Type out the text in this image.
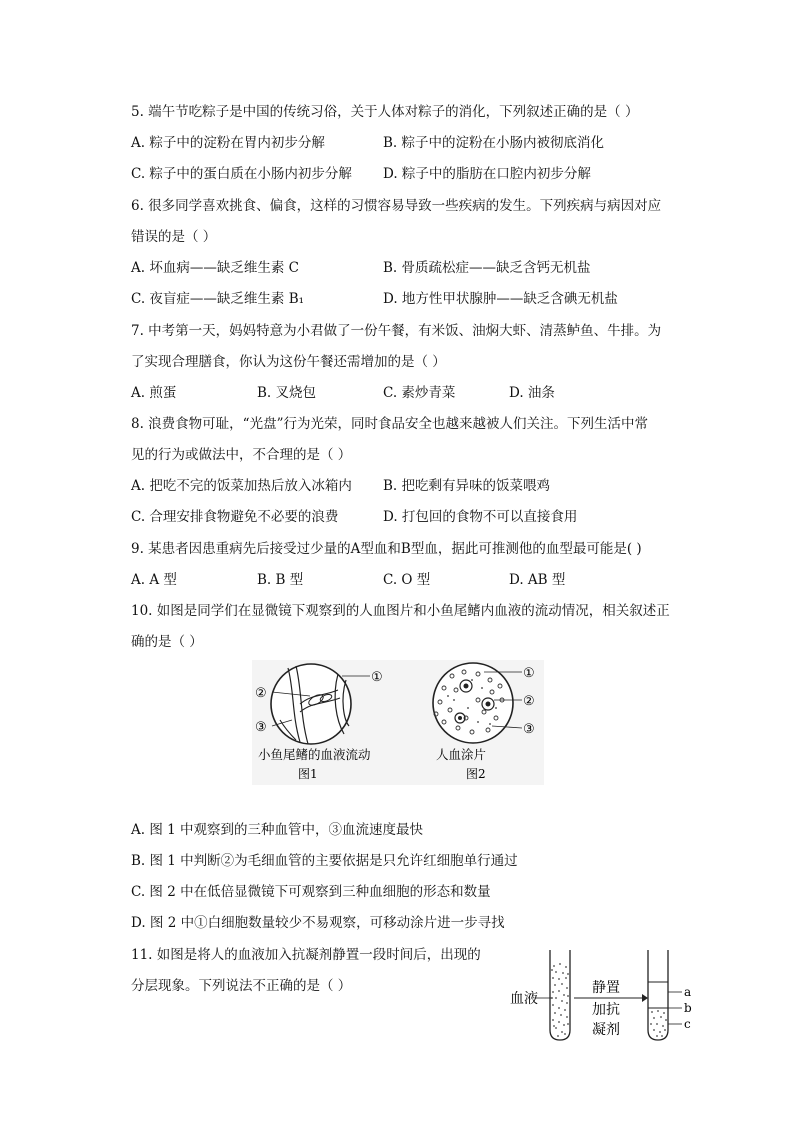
5. 端午节吃粽子是中国的传统习俗，关于人体对粽子的消化，下列叙述正确的是（ ）
A. 粽子中的淀粉在胃内初步分解	B. 粽子中的淀粉在小肠内被彻底消化
C. 粽子中的蛋白质在小肠内初步分解 D. 粽子中的脂肪在口腔内初步分解
6. 很多同学喜欢挑食、偏食，这样的习惯容易导致一些疾病的发生。下列疾病与病因对应
错误的是（ ）
A. 坏血病——缺乏维生素 C	B. 骨质疏松症——缺乏含钙无机盐
C. 夜盲症——缺乏维生素 B₁	D. 地方性甲状腺肿——缺乏含碘无机盐
7. 中考第一天，妈妈特意为小君做了一份午餐，有米饭、油焖大虾、清蒸鲈鱼、牛排。为
了实现合理膳食，你认为这份午餐还需增加的是（ ）
A. 煎蛋	B. 叉烧包	C. 素炒青菜	D. 油条
8. 浪费食物可耻，“光盘”行为光荣，同时食品安全也越来越被人们关注。下列生活中常
见的行为或做法中，不合理的是（ ）
A. 把吃不完的饭菜加热后放入冰箱内 B. 把吃剩有异味的饭菜喂鸡
C. 合理安排食物避免不必要的浪费	D. 打包回的食物不可以直接食用
9. 某患者因患重病先后接受过少量的A型血和B型血，据此可推测他的血型最可能是( )
A. A 型	B. B 型	C. O 型	D. AB 型
10. 如图是同学们在显微镜下观察到的人血图片和小鱼尾鳍内血液的流动情况，相关叙述正
确的是（ ）
①
②
③
小鱼尾鳍的血液流动
图1
①
②
③
人血涂片
图2
A. 图 1 中观察到的三种血管中，③血流速度最快
B. 图 1 中判断②为毛细血管的主要依据是只允许红细胞单行通过
C. 图 2 中在低倍显微镜下可观察到三种血细胞的形态和数量
D. 图 2 中①白细胞数量较少不易观察，可移动涂片进一步寻找
11. 如图是将人的血液加入抗凝剂静置一段时间后，出现的
分层现象。下列说法不正确的是（ ）
血液
静置
加抗
凝剂
a
b
c
